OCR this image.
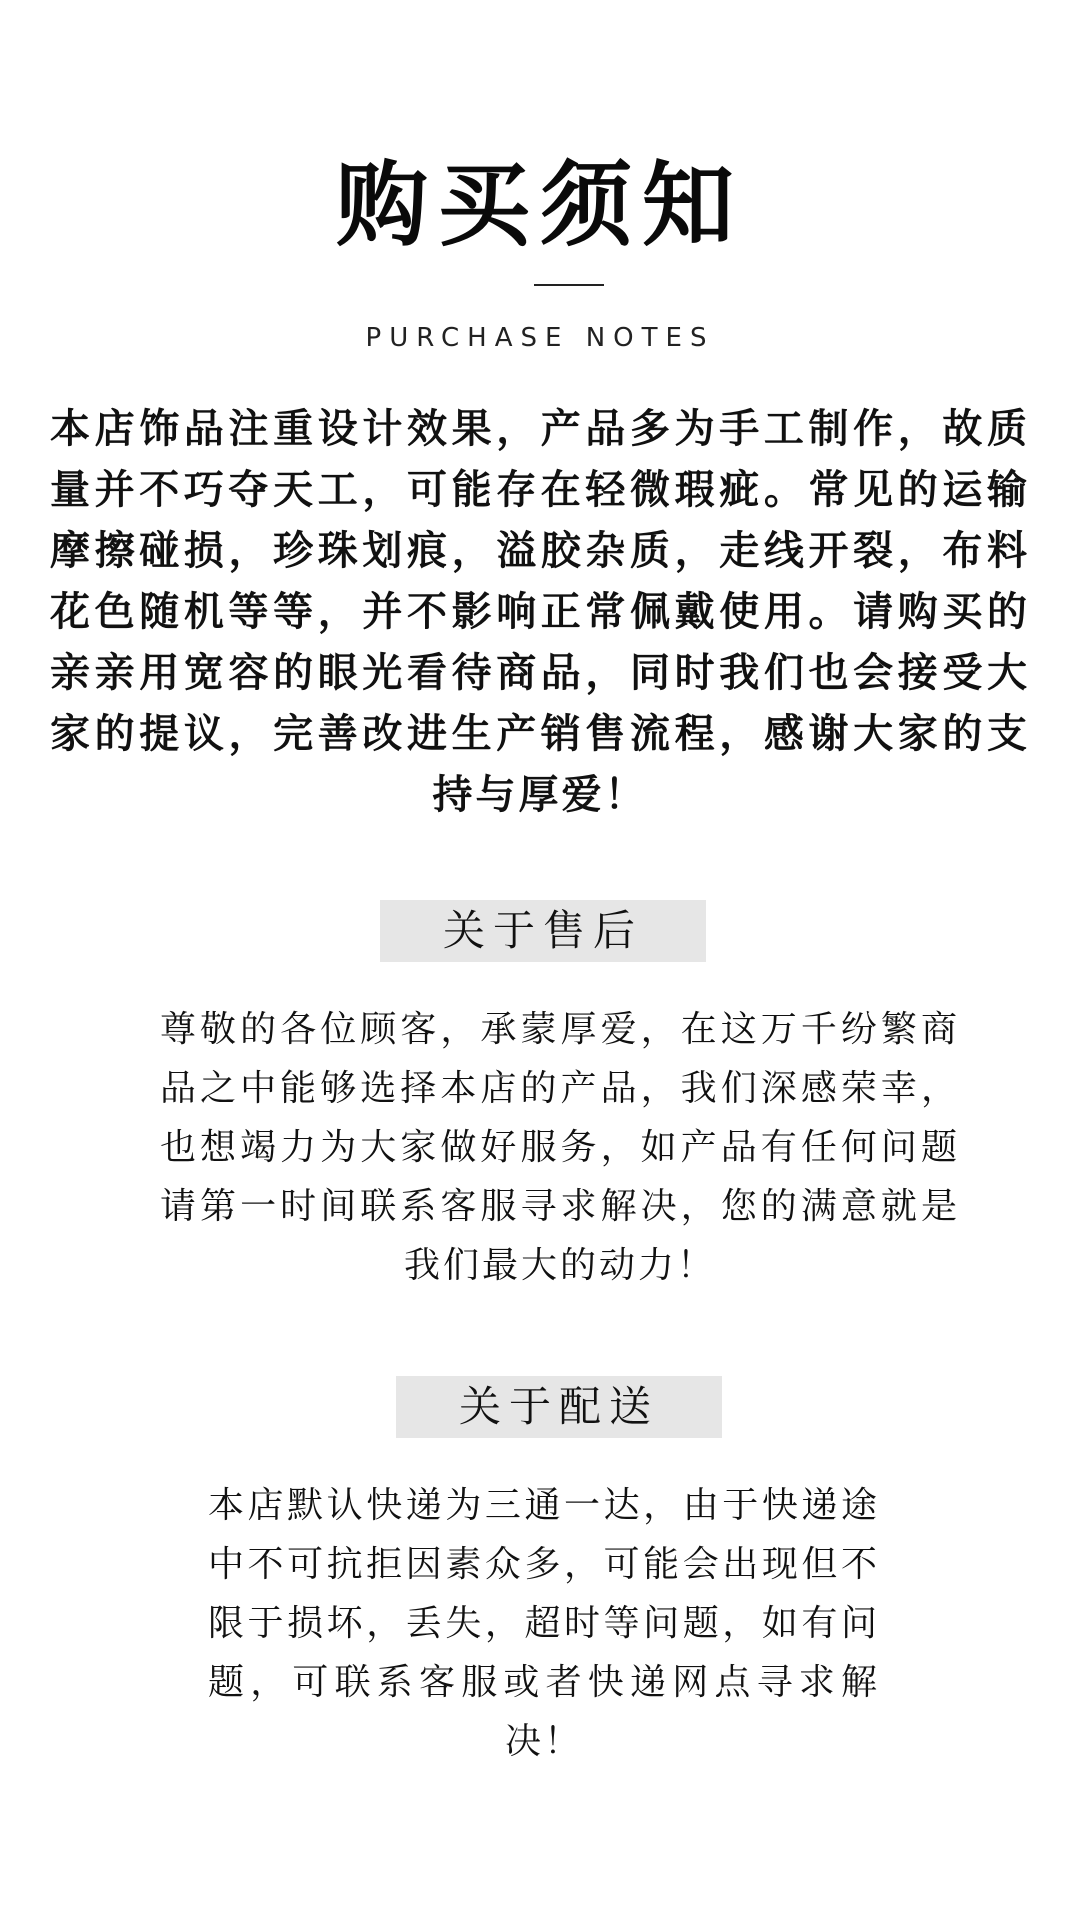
购买须知
PURCHASE NOTES
本店饰品注重设计效果，产品多为手工制作，故质量并不巧夺天工，可能存在轻微瑕疵。常见的运输摩擦碰损，珍珠划痕，溢胶杂质，走线开裂，布料花色随机等等，并不影响正常佩戴使用。请购买的亲亲用宽容的眼光看待商品，同时我们也会接受大家的提议，完善改进生产销售流程，感谢大家的支持与厚爱！
关于售后
尊敬的各位顾客，承蒙厚爱，在这万千纷繁商品之中能够选择本店的产品，我们深感荣幸，也想竭力为大家做好服务，如产品有任何问题请第一时间联系客服寻求解决，您的满意就是我们最大的动力！
关于配送
本店默认快递为三通一达，由于快递途中不可抗拒因素众多，可能会出现但不限于损坏，丢失，超时等问题，如有问题，可联系客服或者快递网点寻求解决！
